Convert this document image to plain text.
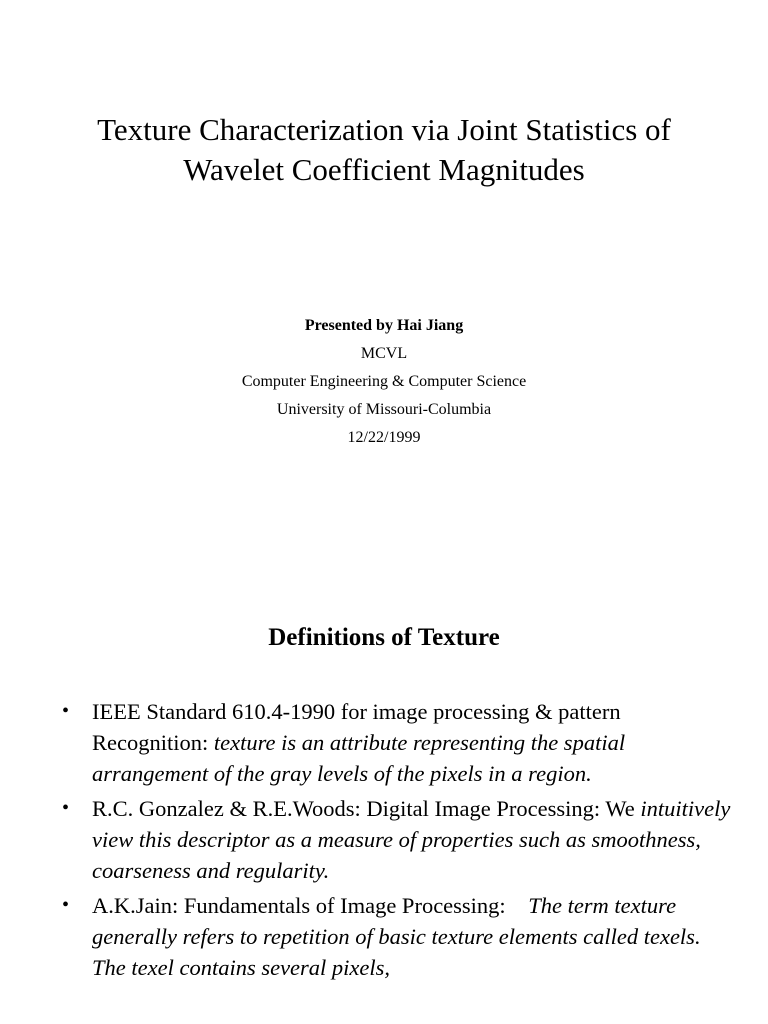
Texture Characterization via Joint Statistics of
Wavelet Coefficient Magnitudes
Presented by Hai Jiang
MCVL
Computer Engineering & Computer Science
University of Missouri-Columbia
12/22/1999
Definitions of Texture
• IEEE Standard 610.4-1990 for image processing & pattern Recognition: texture is an attribute representing the spatial arrangement of the gray levels of the pixels in a region.
• R.C. Gonzalez & R.E.Woods: Digital Image Processing: We intuitively view this descriptor as a measure of properties such as smoothness, coarseness and regularity.
• A.K.Jain: Fundamentals of Image Processing:    The term texture generally refers to repetition of basic texture elements called texels. The texel contains several pixels,
